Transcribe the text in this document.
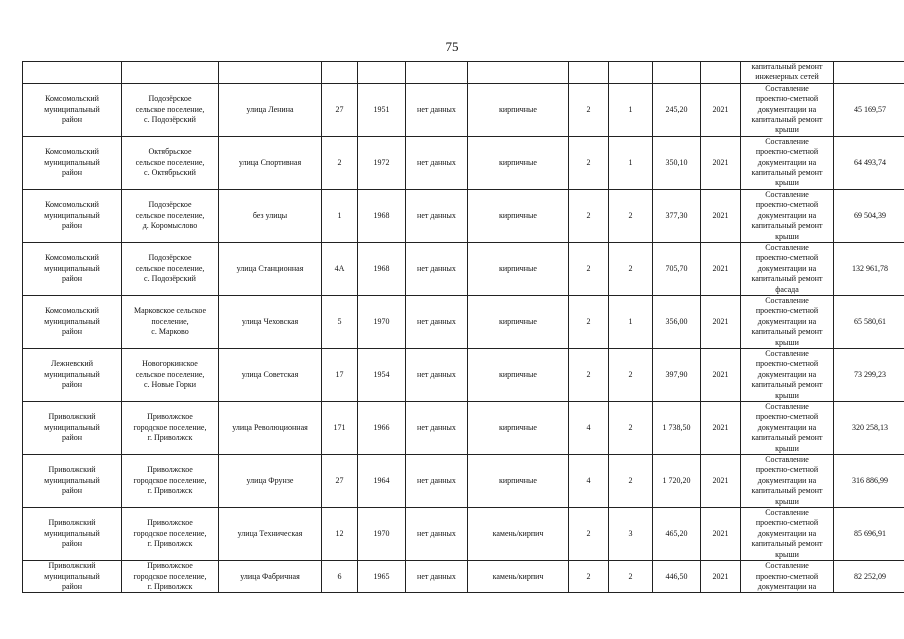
75
											капитальный ремонт
инженерных сетей	
Комсомольский
муниципальный
район	Подозёрское
сельское поселение,
с. Подозёрский	улица Ленина	27	1951	нет данных	кирпичные	2	1	245,20	2021	Составление
проектно-сметной
документации на
капитальный ремонт
крыши	45 169,57
Комсомольский
муниципальный
район	Октябрьское
сельское поселение,
с. Октябрьский	улица Спортивная	2	1972	нет данных	кирпичные	2	1	350,10	2021	Составление
проектно-сметной
документации на
капитальный ремонт
крыши	64 493,74
Комсомольский
муниципальный
район	Подозёрское
сельское поселение,
д. Коромыслово	без улицы	1	1968	нет данных	кирпичные	2	2	377,30	2021	Составление
проектно-сметной
документации на
капитальный ремонт
крыши	69 504,39
Комсомольский
муниципальный
район	Подозёрское
сельское поселение,
с. Подозёрский	улица Станционная	4А	1968	нет данных	кирпичные	2	2	705,70	2021	Составление
проектно-сметной
документации на
капитальный ремонт
фасада	132 961,78
Комсомольский
муниципальный
район	Марковское сельское
поселение,
с. Марково	улица Чеховская	5	1970	нет данных	кирпичные	2	1	356,00	2021	Составление
проектно-сметной
документации на
капитальный ремонт
крыши	65 580,61
Лежневский
муниципальный
район	Новогоркинское
сельское поселение,
с. Новые Горки	улица Советская	17	1954	нет данных	кирпичные	2	2	397,90	2021	Составление
проектно-сметной
документации на
капитальный ремонт
крыши	73 299,23
Приволжский
муниципальный
район	Приволжское
городское поселение,
г. Приволжск	улица Революционная	171	1966	нет данных	кирпичные	4	2	1 738,50	2021	Составление
проектно-сметной
документации на
капитальный ремонт
крыши	320 258,13
Приволжский
муниципальный
район	Приволжское
городское поселение,
г. Приволжск	улица Фрунзе	27	1964	нет данных	кирпичные	4	2	1 720,20	2021	Составление
проектно-сметной
документации на
капитальный ремонт
крыши	316 886,99
Приволжский
муниципальный
район	Приволжское
городское поселение,
г. Приволжск	улица Техническая	12	1970	нет данных	камень/кирпич	2	3	465,20	2021	Составление
проектно-сметной
документации на
капитальный ремонт
крыши	85 696,91
Приволжский
муниципальный
район	Приволжское
городское поселение,
г. Приволжск	улица Фабричная	6	1965	нет данных	камень/кирпич	2	2	446,50	2021	Составление
проектно-сметной
документации на	82 252,09
